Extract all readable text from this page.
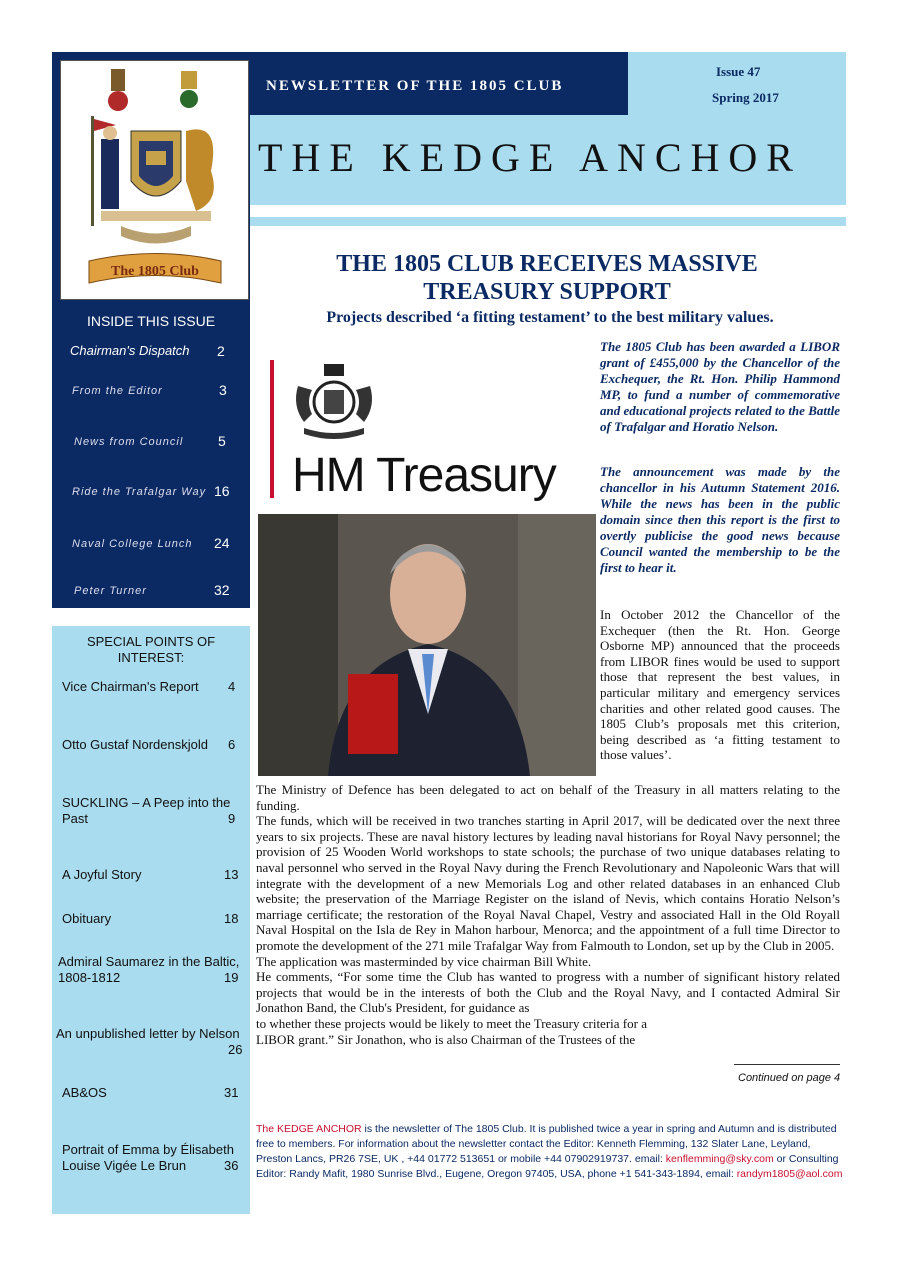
The 1805 Club
NEWSLETTER OF THE 1805 CLUB
Issue 47
Spring 2017
THE KEDGE ANCHOR
INSIDE THIS ISSUE
Chairman's Dispatch 2
From the Editor	3
News from Council 5
Ride the Trafalgar Way 16
Naval College Lunch 24
Peter Turner	32
SPECIAL POINTS OF INTEREST:
Vice Chairman's Report	4
Otto Gustaf Nordenskjold	6
SUCKLING – A Peep into the Past	9
A Joyful Story	13
Obituary	18
Admiral Saumarez in the Baltic, 1808-1812	19
An unpublished letter by Nelson
26
AB&OS	31
Portrait of Emma by Élisabeth Louise Vigée Le Brun	36
THE 1805 CLUB RECEIVES MASSIVE TREASURY SUPPORT
Projects described ‘a fitting testament’ to the best military values.
HM Treasury
The 1805 Club has been awarded a LIBOR grant of £455,000 by the Chancellor of the Exchequer, the Rt. Hon. Philip Hammond MP, to fund a number of commemorative and educational projects related to the Battle of Trafalgar and Horatio Nelson.
The announcement was made by the chancellor in his Autumn Statement 2016. While the news has been in the public domain since then this report is the first to overtly publicise the good news because Council wanted the membership to be the first to hear it.
In October 2012 the Chancellor of the Exchequer (then the Rt. Hon. George Osborne MP) announced that the proceeds from LIBOR fines would be used to support those that represent the best values, in particular military and emergency services charities and other related good causes. The 1805 Club’s proposals met this criterion, being described as ‘a fitting testament to those values’.

The Ministry of Defence has been delegated to act on behalf of the Treasury in all matters relating to the funding.

The funds, which will be received in two tranches starting in April 2017, will be dedicated over the next three years to six projects. These are naval history lectures by leading naval historians for Royal Navy personnel; the provision of 25 Wooden World workshops to state schools; the purchase of two unique databases relating to naval personnel who served in the Royal Navy during the French Revolutionary and Napoleonic Wars that will integrate with the development of a new Memorials Log and other related databases in an enhanced Club website; the preservation of the Marriage Register on the island of Nevis, which contains Horatio Nelson’s marriage certificate; the restoration of the Royal Naval Chapel, Vestry and associated Hall in the Old Royall Naval Hospital on the Isla de Rey in Mahon harbour, Menorca; and the appointment of a full time Director to promote the development of the 271 mile Trafalgar Way from Falmouth to London, set up by the Club in 2005.

The application was masterminded by vice chairman Bill White.

He comments, “For some time the Club has wanted to progress with a number of significant history related projects that would be in the interests of both the Club and the Royal Navy, and I contacted Admiral Sir Jonathon Band, the Club's President, for guidance as

to whether these projects would be likely to meet the Treasury criteria for a

LIBOR grant.” Sir Jonathon, who is also Chairman of the Trustees of the

Continued on page 4
The KEDGE ANCHOR is the newsletter of The 1805 Club. It is published twice a year in spring and Autumn and is distributed free to members. For information about the newsletter contact the Editor: Kenneth Flemming, 132 Slater Lane, Leyland, Preston Lancs, PR26 7SE, UK , +44 01772 513651 or mobile +44 07902919737. email: kenflemming@sky.com or Consulting Editor: Randy Mafit, 1980 Sunrise Blvd., Eugene, Oregon 97405, USA, phone +1 541-343-1894, email: randym1805@aol.com
